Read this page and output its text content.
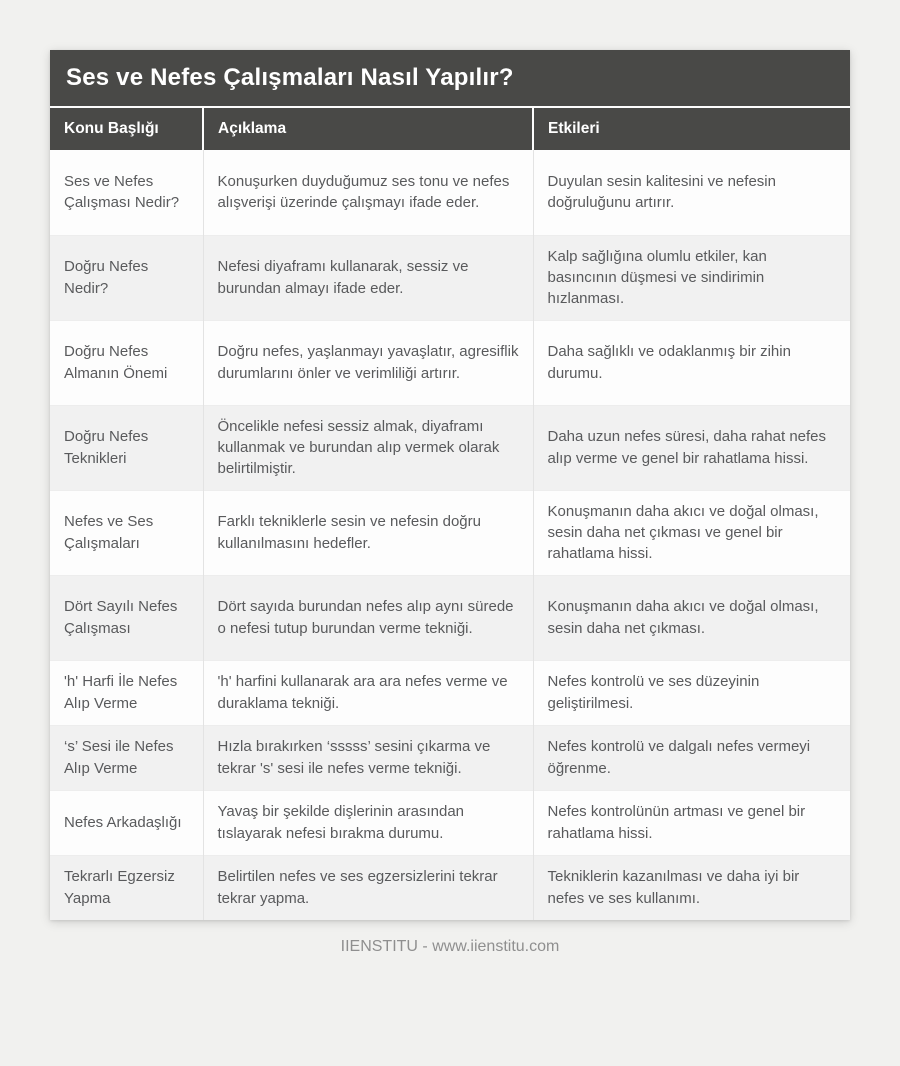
Ses ve Nefes Çalışmaları Nasıl Yapılır?
Konu Başlığı	Açıklama	Etkileri
Ses ve Nefes Çalışması Nedir?	Konuşurken duyduğumuz ses tonu ve nefes alışverişi üzerinde çalışmayı ifade eder.	Duyulan sesin kalitesini ve nefesin doğruluğunu artırır.
Doğru Nefes Nedir?	Nefesi diyaframı kullanarak, sessiz ve burundan almayı ifade eder.	Kalp sağlığına olumlu etkiler, kan basıncının düşmesi ve sindirimin hızlanması.
Doğru Nefes Almanın Önemi	Doğru nefes, yaşlanmayı yavaşlatır, agresiflik durumlarını önler ve verimliliği artırır.	Daha sağlıklı ve odaklanmış bir zihin durumu.
Doğru Nefes Teknikleri	Öncelikle nefesi sessiz almak, diyaframı kullanmak ve burundan alıp vermek olarak belirtilmiştir.	Daha uzun nefes süresi, daha rahat nefes alıp verme ve genel bir rahatlama hissi.
Nefes ve Ses Çalışmaları	Farklı tekniklerle sesin ve nefesin doğru kullanılmasını hedefler.	Konuşmanın daha akıcı ve doğal olması, sesin daha net çıkması ve genel bir rahatlama hissi.
Dört Sayılı Nefes Çalışması	Dört sayıda burundan nefes alıp aynı sürede o nefesi tutup burundan verme tekniği.	Konuşmanın daha akıcı ve doğal olması, sesin daha net çıkması.
'h' Harfi İle Nefes Alıp Verme	'h' harfini kullanarak ara ara nefes verme ve duraklama tekniği.	Nefes kontrolü ve ses düzeyinin geliştirilmesi.
‘s’ Sesi ile Nefes Alıp Verme	Hızla bırakırken ‘sssss’ sesini çıkarma ve tekrar 's' sesi ile nefes verme tekniği.	Nefes kontrolü ve dalgalı nefes vermeyi öğrenme.
Nefes Arkadaşlığı	Yavaş bir şekilde dişlerinin arasından tıslayarak nefesi bırakma durumu.	Nefes kontrolünün artması ve genel bir rahatlama hissi.
Tekrarlı Egzersiz Yapma	Belirtilen nefes ve ses egzersizlerini tekrar tekrar yapma.	Tekniklerin kazanılması ve daha iyi bir nefes ve ses kullanımı.
IIENSTITU - www.iienstitu.com
